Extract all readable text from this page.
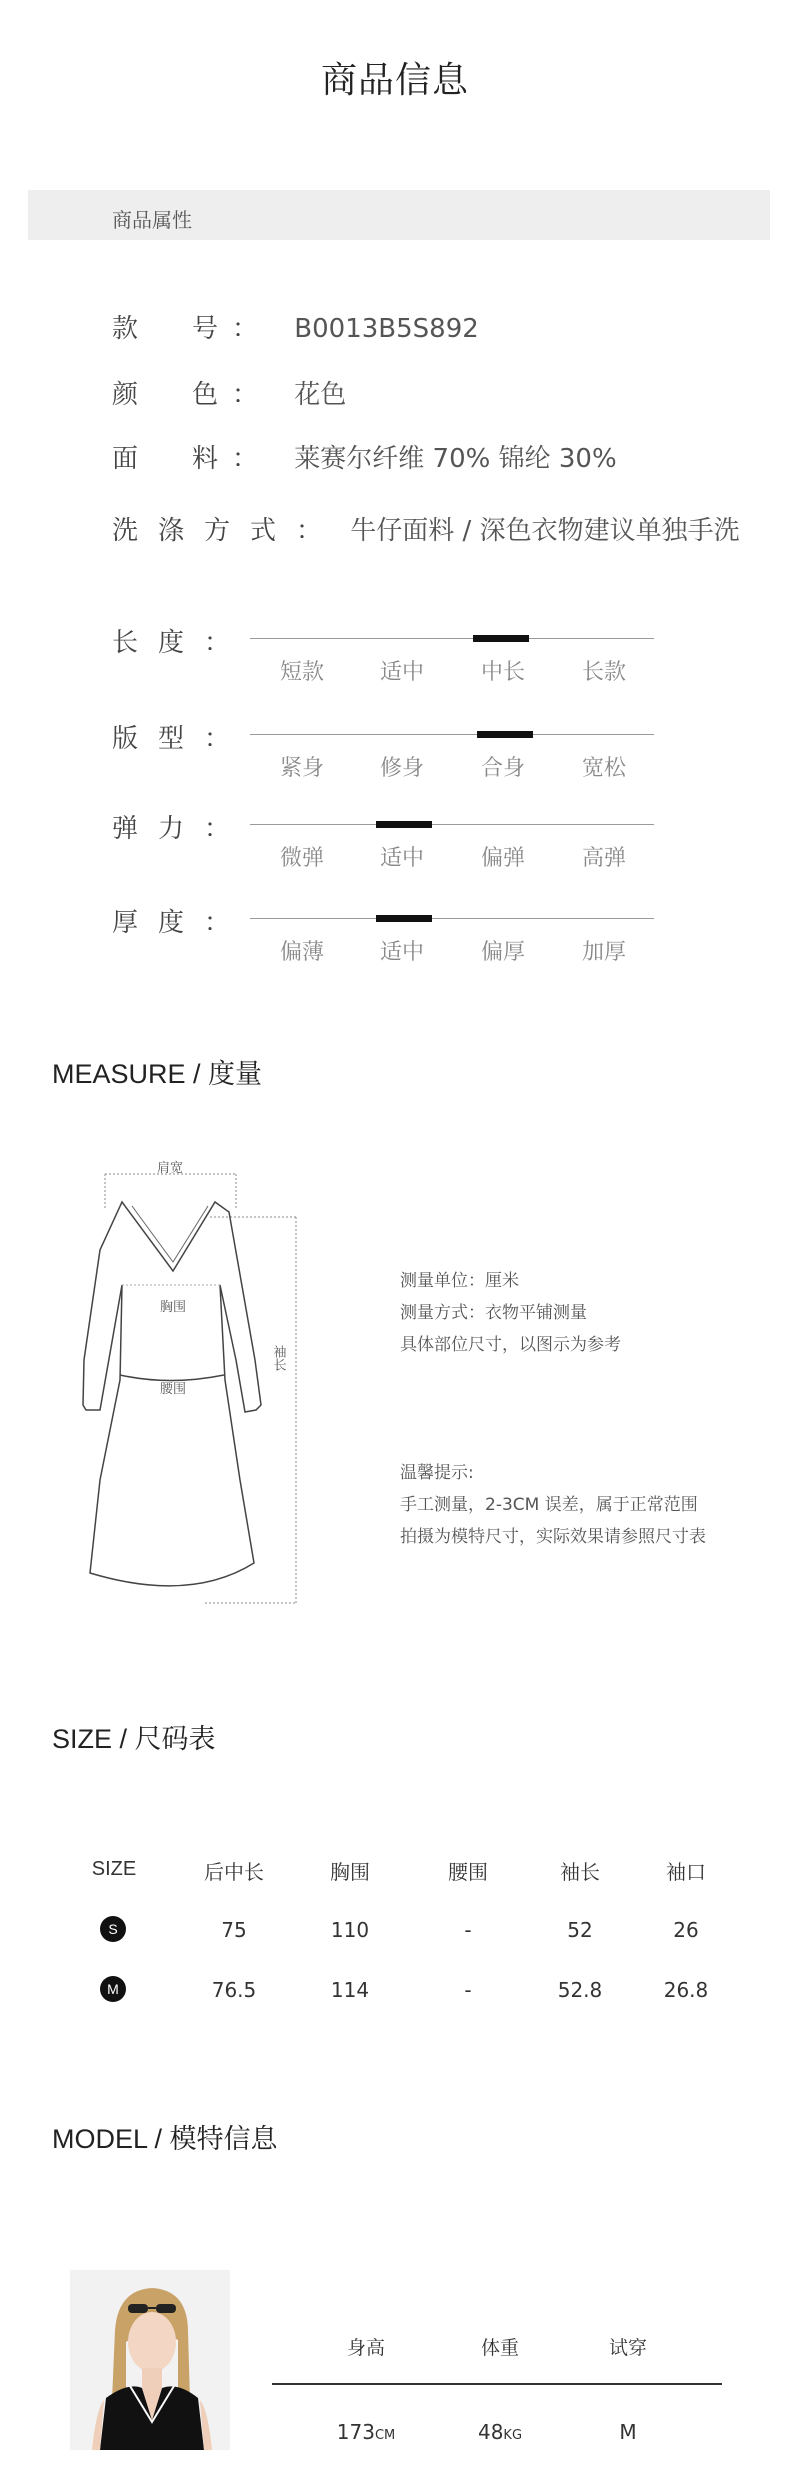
商品信息
商品属性
款　号： B0013B5S892
颜　色： 花色
面　料： 莱赛尔纤维 70% 锦纶 30%
洗涤方式： 牛仔面料 / 深色衣物建议单独手洗
长度：
短款	适中	中长	长款
版型：
紧身	修身	合身	宽松
弹力：
微弹	适中	偏弹	高弹
厚度：
偏薄	适中	偏厚	加厚
MEASURE / 度量
肩宽
胸围
腰围
袖长
测量单位：厘米
测量方式：衣物平铺测量
具体部位尺寸，以图示为参考
温馨提示:
手工测量，2-3CM 误差，属于正常范围
拍摄为模特尺寸，实际效果请参照尺寸表
SIZE / 尺码表
SIZE	后中长	胸围	腰围	袖长	袖口
S	75	110	-	52	26
M	76.5	114	-	52.8	26.8
MODEL / 模特信息
身高	体重	试穿
173CM	48KG	M
